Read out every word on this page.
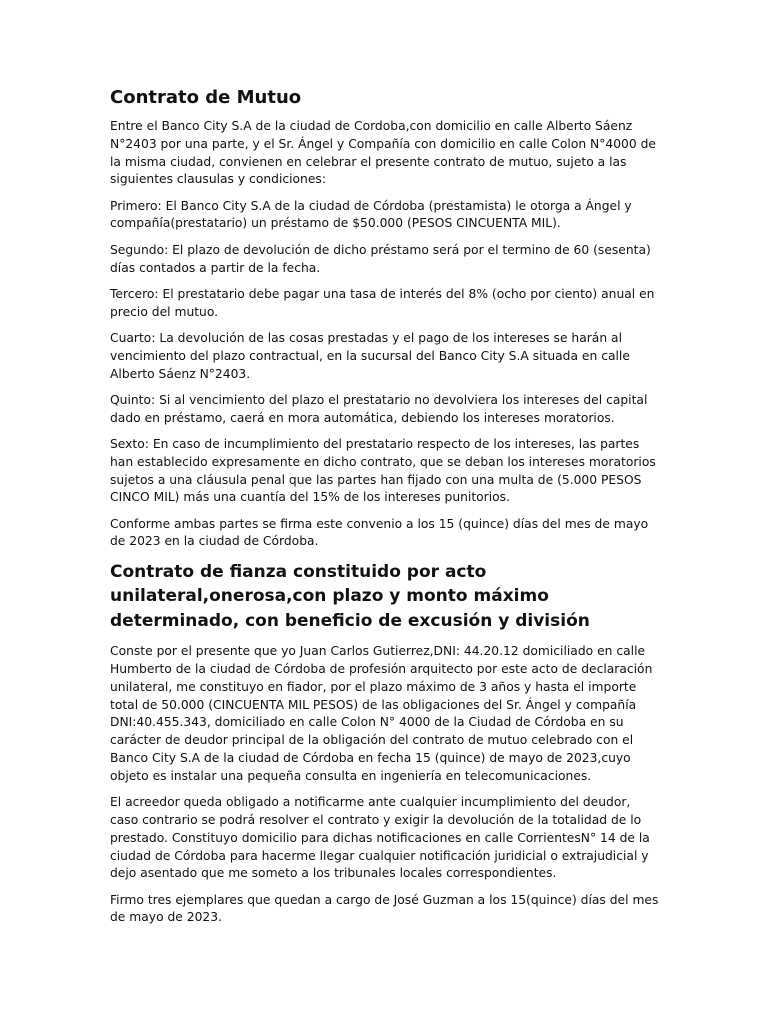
Contrato de Mutuo
Entre el Banco City S.A de la ciudad de Cordoba,con domicilio en calle Alberto Sáenz N°2403 por una parte, y el Sr. Ángel y Compañía con domicilio en calle Colon N°4000 de la misma ciudad, convienen en celebrar el presente contrato de mutuo, sujeto a las siguientes clausulas y condiciones:
Primero: El Banco City S.A de la ciudad de Córdoba (prestamista) le otorga a Ángel y compañía(prestatario) un préstamo de $50.000 (PESOS CINCUENTA MIL).
Segundo: El plazo de devolución de dicho préstamo será por el termino de 60 (sesenta) días contados a partir de la fecha.
Tercero: El prestatario debe pagar una tasa de interés del 8% (ocho por ciento) anual en precio del mutuo.
Cuarto: La devolución de las cosas prestadas y el pago de los intereses se harán al vencimiento del plazo contractual, en la sucursal del Banco City S.A situada en calle Alberto Sáenz N°2403.
Quinto: Si al vencimiento del plazo el prestatario no devolviera los intereses del capital dado en préstamo, caerá en mora automática, debiendo los intereses moratorios.
Sexto: En caso de incumplimiento del prestatario respecto de los intereses, las partes han establecido expresamente en dicho contrato, que se deban los intereses moratorios sujetos a una cláusula penal que las partes han fijado con una multa de (5.000 PESOS CINCO MIL) más una cuantía del 15% de los intereses punitorios.
Conforme ambas partes se firma este convenio a los 15 (quince) días del mes de mayo de 2023 en la ciudad de Córdoba.
Contrato de fianza constituido por acto unilateral,onerosa,con plazo y monto máximo determinado, con beneficio de excusión y división
Conste por el presente que yo Juan Carlos Gutierrez,DNI: 44.20.12 domiciliado en calle Humberto de la ciudad de Córdoba de profesión arquitecto por este acto de declaración unilateral, me constituyo en fiador, por el plazo máximo de 3 años y hasta el importe total de 50.000 (CINCUENTA MIL PESOS) de las obligaciones del Sr. Ángel y compañía DNI:40.455.343, domiciliado en calle Colon N° 4000 de la Ciudad de Córdoba en su carácter de deudor principal de la obligación del contrato de mutuo celebrado con el Banco City S.A de la ciudad de Córdoba en fecha 15 (quince) de mayo de 2023,cuyo objeto es instalar una pequeña consulta en ingeniería en telecomunicaciones.
El acreedor queda obligado a notificarme ante cualquier incumplimiento del deudor, caso contrario se podrá resolver el contrato y exigir la devolución de la totalidad de lo prestado. Constituyo domicilio para dichas notificaciones en calle CorrientesN° 14 de la ciudad de Córdoba para hacerme llegar cualquier notificación juridicial o extrajudicial y dejo asentado que me someto a los tribunales locales correspondientes.
Firmo tres ejemplares que quedan a cargo de José Guzman a los 15(quince) días del mes de mayo de 2023.
